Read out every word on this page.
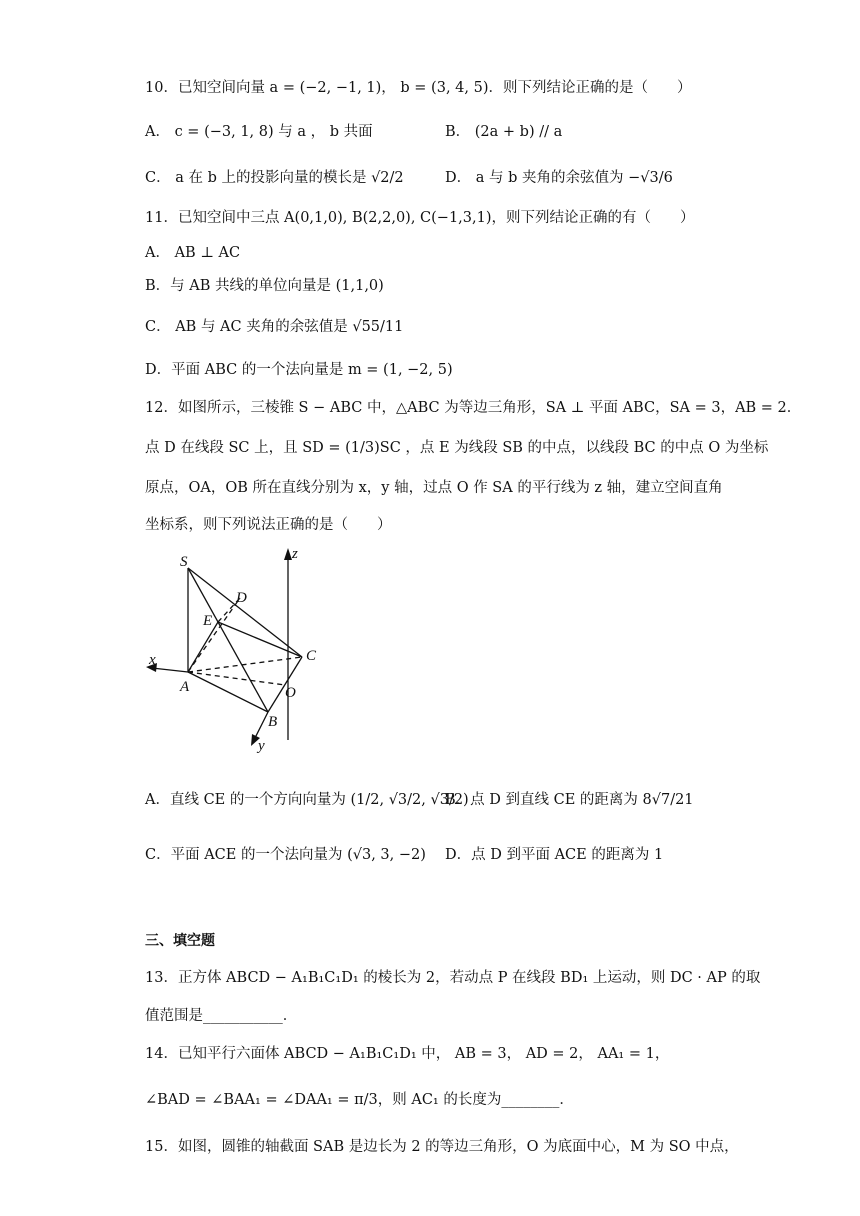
10．已知空间向量 a = (−2, −1, 1)， b = (3, 4, 5)．则下列结论正确的是（　　）
A． c = (−3, 1, 8) 与 a ， b 共面	B． (2a + b) // a
C． a 在 b 上的投影向量的模长是 √2/2	D． a 与 b 夹角的余弦值为 −√3/6
11．已知空间中三点 A(0,1,0), B(2,2,0), C(−1,3,1)，则下列结论正确的有（　　）
A． AB ⊥ AC
B．与 AB 共线的单位向量是 (1,1,0)
C． AB 与 AC 夹角的余弦值是 √55/11
D．平面 ABC 的一个法向量是 m = (1, −2, 5)
12．如图所示，三棱锥 S − ABC 中，△ABC 为等边三角形，SA ⊥ 平面 ABC，SA = 3，AB = 2．
点 D 在线段 SC 上，且 SD = (1/3)SC ，点 E 为线段 SB 的中点，以线段 BC 的中点 O 为坐标
原点，OA，OB 所在直线分别为 x，y 轴，过点 O 作 SA 的平行线为 z 轴，建立空间直角
坐标系，则下列说法正确的是（　　）
S
D
E
C
A	O
B
x
y
z
A．直线 CE 的一个方向向量为 (1/2, √3/2, √3/2)
B．点 D 到直线 CE 的距离为 8√7/21
C．平面 ACE 的一个法向量为 (√3, 3, −2) D．点 D 到平面 ACE 的距离为 1
三、填空题
13．正方体 ABCD − A₁B₁C₁D₁ 的棱长为 2，若动点 P 在线段 BD₁ 上运动，则 DC · AP 的取
值范围是___________．
14．已知平行六面体 ABCD − A₁B₁C₁D₁ 中， AB = 3， AD = 2， AA₁ = 1，
∠BAD = ∠BAA₁ = ∠DAA₁ = π/3，则 AC₁ 的长度为________．
15．如图，圆锥的轴截面 SAB 是边长为 2 的等边三角形，O 为底面中心，M 为 SO 中点，
